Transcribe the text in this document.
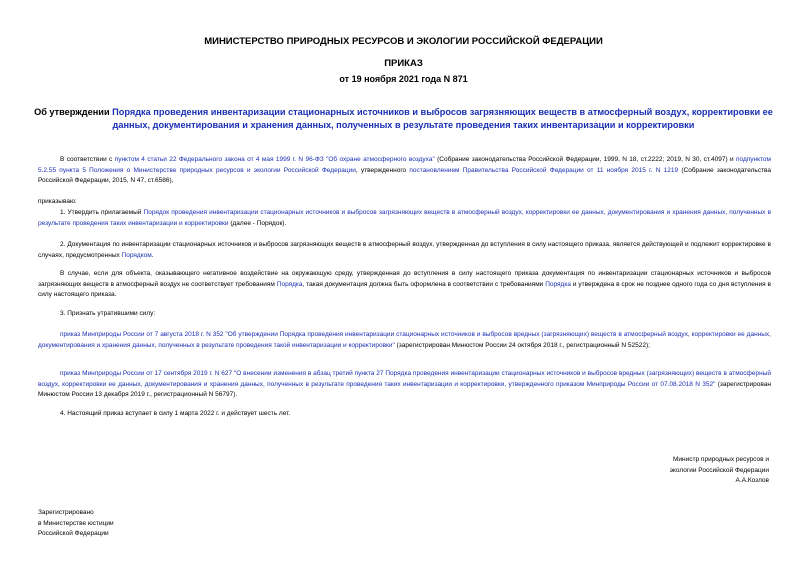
МИНИСТЕРСТВО ПРИРОДНЫХ РЕСУРСОВ И ЭКОЛОГИИ РОССИЙСКОЙ ФЕДЕРАЦИИ
ПРИКАЗ
от 19 ноября 2021 года N 871
Об утверждении Порядка проведения инвентаризации стационарных источников и выбросов загрязняющих веществ в атмосферный воздух, корректировки ее данных, документирования и хранения данных, полученных в результате проведения таких инвентаризации и корректировки
В соответствии с пунктом 4 статьи 22 Федерального закона от 4 мая 1999 г. N 96-ФЗ "Об охране атмосферного воздуха" (Собрание законодательства Российской Федерации, 1999, N 18, ст.2222; 2019, N 30, ст.4097) и подпунктом 5.2.55 пункта 5 Положения о Министерстве природных ресурсов и экологии Российской Федерации, утвержденного постановлением Правительства Российской Федерации от 11 ноября 2015 г. N 1219 (Собрание законодательства Российской Федерации, 2015, N 47, ст.6586),
приказываю:
1. Утвердить прилагаемый Порядок проведения инвентаризации стационарных источников и выбросов загрязняющих веществ в атмосферный воздух, корректировки ее данных, документирования и хранения данных, полученных в результате проведения таких инвентаризации и корректировки (далее - Порядок).
2. Документация по инвентаризации стационарных источников и выбросов загрязняющих веществ в атмосферный воздух, утвержденная до вступления в силу настоящего приказа, является действующей и подлежит корректировке в случаях, предусмотренных Порядком.
В случае, если для объекта, оказывающего негативное воздействие на окружающую среду, утвержденная до вступления в силу настоящего приказа документация по инвентаризации стационарных источников и выбросов загрязняющих веществ в атмосферный воздух не соответствует требованиям Порядка, такая документация должна быть оформлена в соответствии с требованиями Порядка и утверждена в срок не позднее одного года со дня вступления в силу настоящего приказа.
3. Признать утратившими силу:
приказ Минприроды России от 7 августа 2018 г. N 352 "Об утверждении Порядка проведения инвентаризации стационарных источников и выбросов вредных (загрязняющих) веществ в атмосферный воздух, корректировки ее данных, документирования и хранения данных, полученных в результате проведения такой инвентаризации и корректировки" (зарегистрирован Минюстом России 24 октября 2018 г., регистрационный N 52522);
приказ Минприроды России от 17 сентября 2019 г. N 627 "О внесении изменения в абзац третий пункта 27 Порядка проведения инвентаризации стационарных источников и выбросов вредных (загрязняющих) веществ в атмосферный воздух, корректировки ее данных, документирования и хранения данных, полученных в результате проведения таких инвентаризации и корректировки, утвержденного приказом Минприроды России от 07.08.2018 N 352" (зарегистрирован Минюстом России 13 декабря 2019 г., регистрационный N 56797).
4. Настоящий приказ вступает в силу 1 марта 2022 г. и действует шесть лет.
Министр природных ресурсов и
экологии Российской Федерации
А.А.Козлов
Зарегистрировано
в Министерстве юстиции
Российской Федерации
